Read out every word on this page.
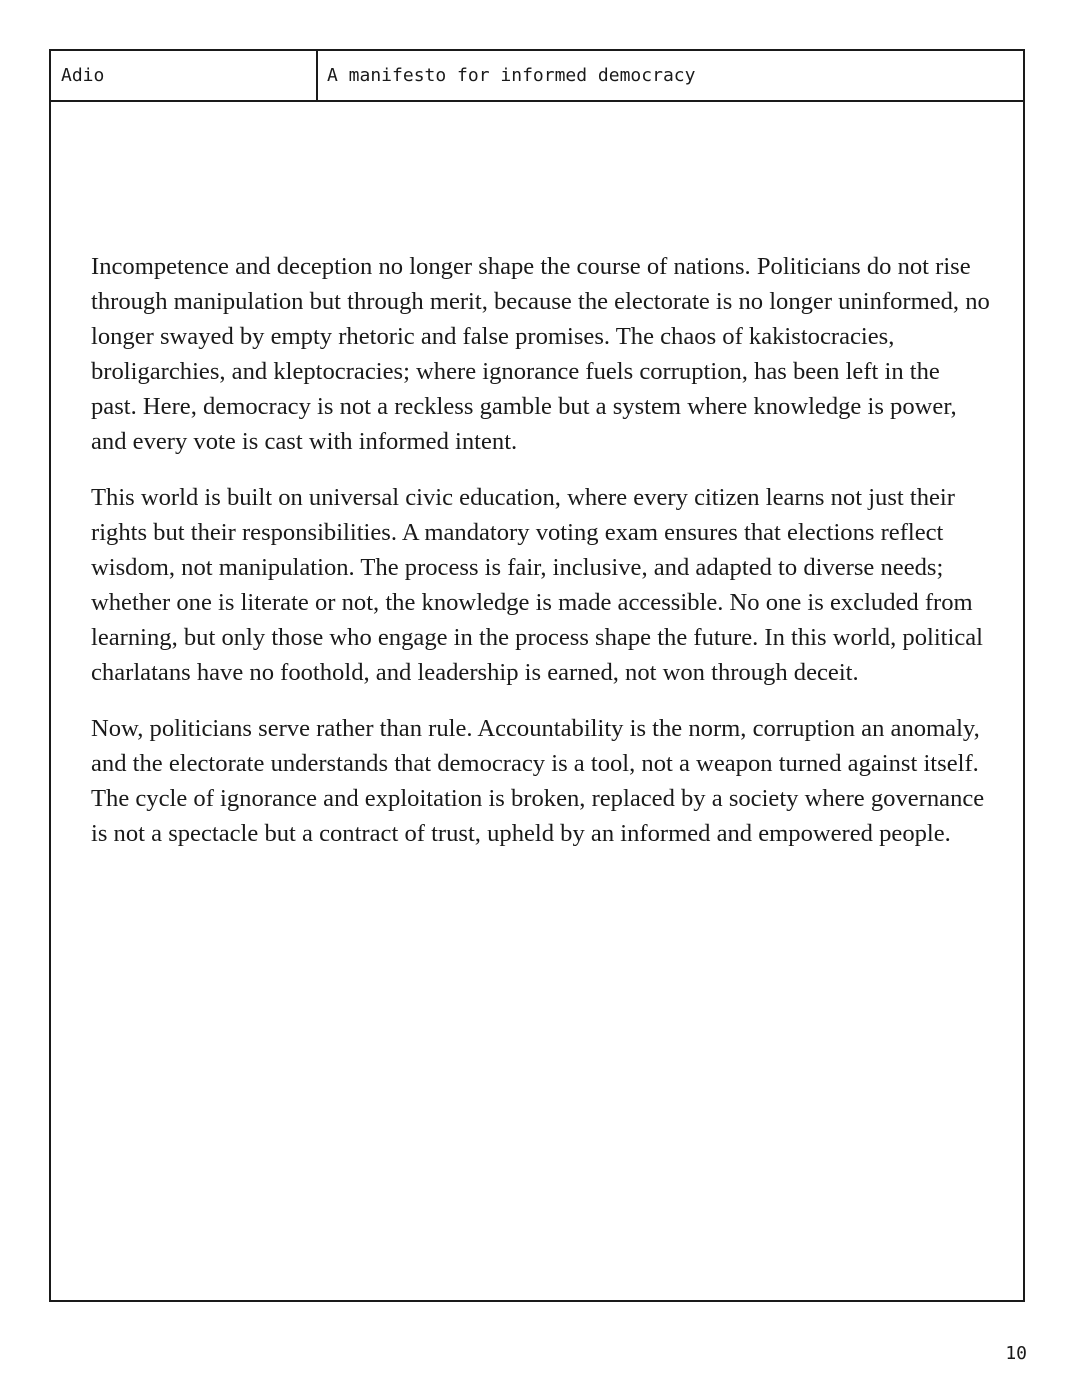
Adio	A manifesto for informed democracy

Incompetence and deception no longer shape the course of nations. Politicians do not rise through manipulation but through merit, because the electorate is no longer uninformed, no longer swayed by empty rhetoric and false promises. The chaos of kakistocracies, broligarchies, and kleptocracies; where ignorance fuels corruption, has been left in the past. Here, democracy is not a reckless gamble but a system where knowledge is power, and every vote is cast with informed intent.

This world is built on universal civic education, where every citizen learns not just their rights but their responsibilities. A mandatory voting exam ensures that elections reflect wisdom, not manipulation. The process is fair, inclusive, and adapted to diverse needs; whether one is literate or not, the knowledge is made accessible. No one is excluded from learning, but only those who engage in the process shape the future. In this world, political charlatans have no foothold, and leadership is earned, not won through deceit.

Now, politicians serve rather than rule. Accountability is the norm, corruption an anomaly, and the electorate understands that democracy is a tool, not a weapon turned against itself. The cycle of ignorance and exploitation is broken, replaced by a society where governance is not a spectacle but a contract of trust, upheld by an informed and empowered people.

10
